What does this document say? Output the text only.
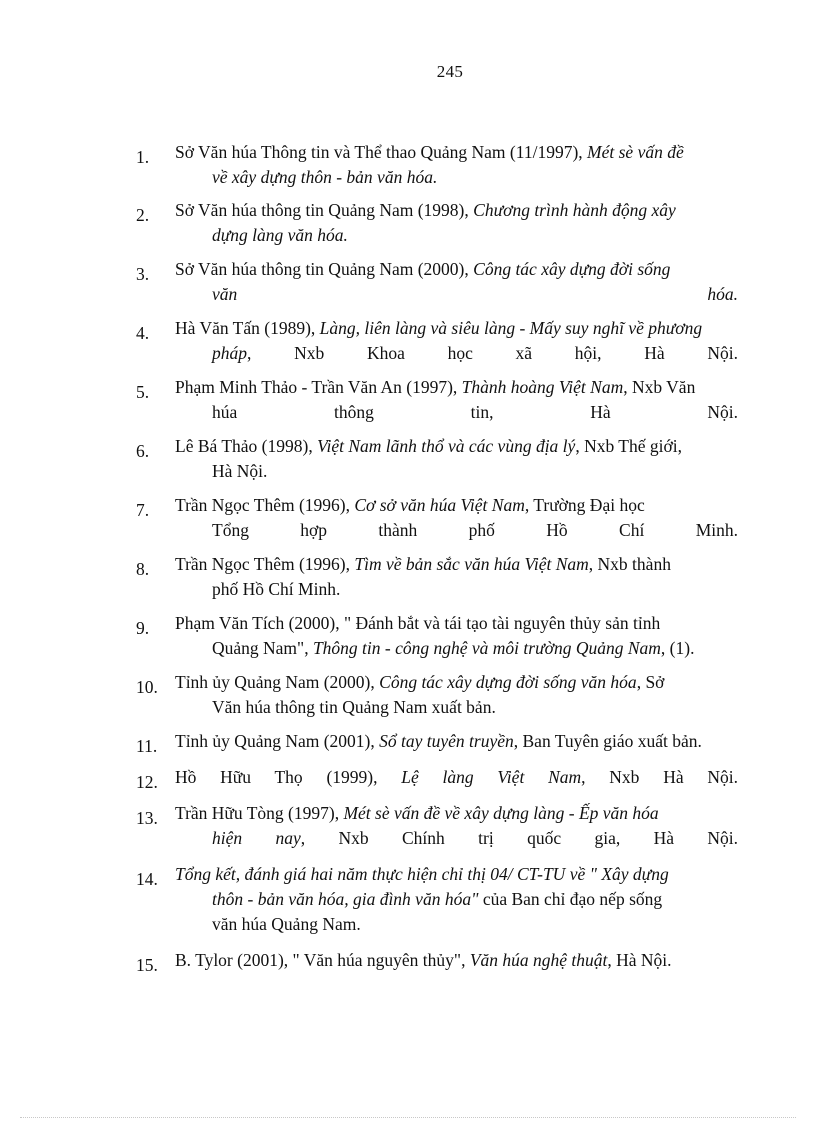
245
1. Sở Văn húa Thông tin và Thể thao Quảng Nam (11/1997), Mét sè vấn đề
về xây dựng thôn - bản văn hóa.
2. Sở Văn húa thông tin Quảng Nam (1998), Chương trình hành động xây
dựng làng văn hóa.
3. Sở Văn húa thông tin Quảng Nam (2000), Công tác xây dựng đời sống
văn hóa.
4. Hà Văn Tấn (1989), Làng, liên làng và siêu làng - Mấy suy nghĩ về phương
pháp, Nxb Khoa học xã hội, Hà Nội.
5. Phạm Minh Thảo - Trần Văn An (1997), Thành hoàng Việt Nam, Nxb Văn
húa thông tin, Hà Nội.
6. Lê Bá Thảo (1998), Việt Nam lãnh thổ và các vùng địa lý, Nxb Thế giới,
Hà Nội.
7. Trần Ngọc Thêm (1996), Cơ sở văn húa Việt Nam, Trường Đại học
Tổng hợp thành phố Hồ Chí Minh.
8. Trần Ngọc Thêm (1996), Tìm về bản sắc văn húa Việt Nam, Nxb thành
phố Hồ Chí Minh.
9. Phạm Văn Tích (2000), " Đánh bắt và tái tạo tài nguyên thủy sản tỉnh
Quảng Nam", Thông tin - công nghệ và môi trường Quảng Nam, (1).
10. Tỉnh ủy Quảng Nam (2000), Công tác xây dựng đời sống văn hóa, Sở
Văn húa thông tin Quảng Nam xuất bản.
11. Tỉnh ủy Quảng Nam (2001), Sổ tay tuyên truyền, Ban Tuyên giáo xuất bản.
12. Hồ Hữu Thọ (1999), Lệ làng Việt Nam, Nxb Hà Nội.
13. Trần Hữu Tòng (1997), Mét sè vấn đề về xây dựng làng - Ếp văn hóa
hiện nay, Nxb Chính trị quốc gia, Hà Nội.
14. Tổng kết, đánh giá hai năm thực hiện chỉ thị 04/ CT-TU về " Xây dựng
thôn - bản văn hóa, gia đình văn hóa" của Ban chỉ đạo nếp sống
văn húa Quảng Nam.
15. B. Tylor (2001), " Văn húa nguyên thủy", Văn húa nghệ thuật, Hà Nội.
